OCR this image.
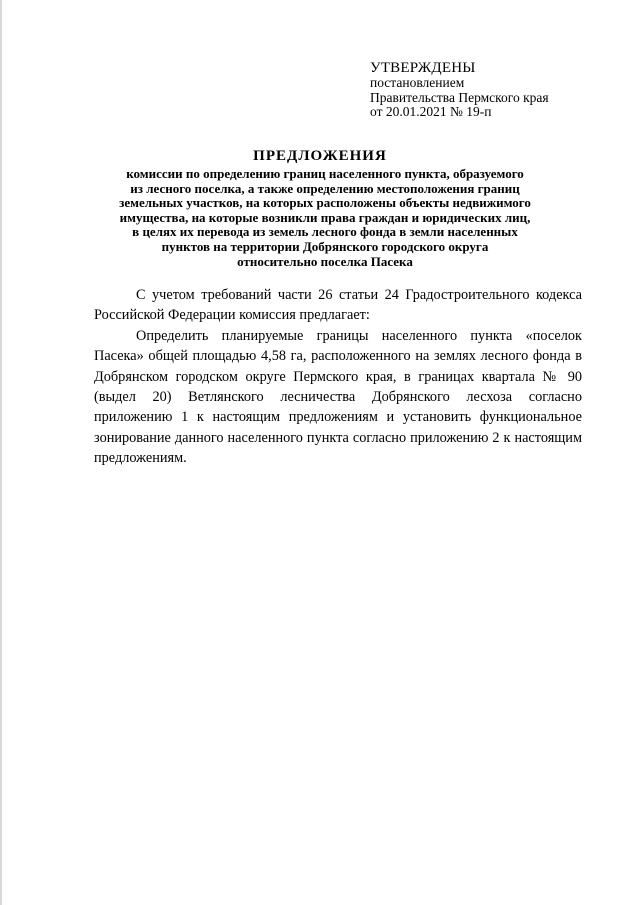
УТВЕРЖДЕНЫ
постановлением
Правительства Пермского края
от 20.01.2021 № 19-п
ПРЕДЛОЖЕНИЯ
комиссии по определению границ населенного пункта, образуемого
из лесного поселка, а также определению местоположения границ
земельных участков, на которых расположены объекты недвижимого
имущества, на которые возникли права граждан и юридических лиц,
в целях их перевода из земель лесного фонда в земли населенных
пунктов на территории Добрянского городского округа
относительно поселка Пасека

С учетом требований части 26 статьи 24 Градостроительного кодекса Российской Федерации комиссия предлагает:

Определить планируемые границы населенного пункта «поселок Пасека» общей площадью 4,58 га, расположенного на землях лесного фонда в Добрянском городском округе Пермского края, в границах квартала № 90 (выдел 20) Ветлянского лесничества Добрянского лесхоза согласно приложению 1 к настоящим предложениям и установить функциональное зонирование данного населенного пункта согласно приложению 2 к настоящим предложениям.
